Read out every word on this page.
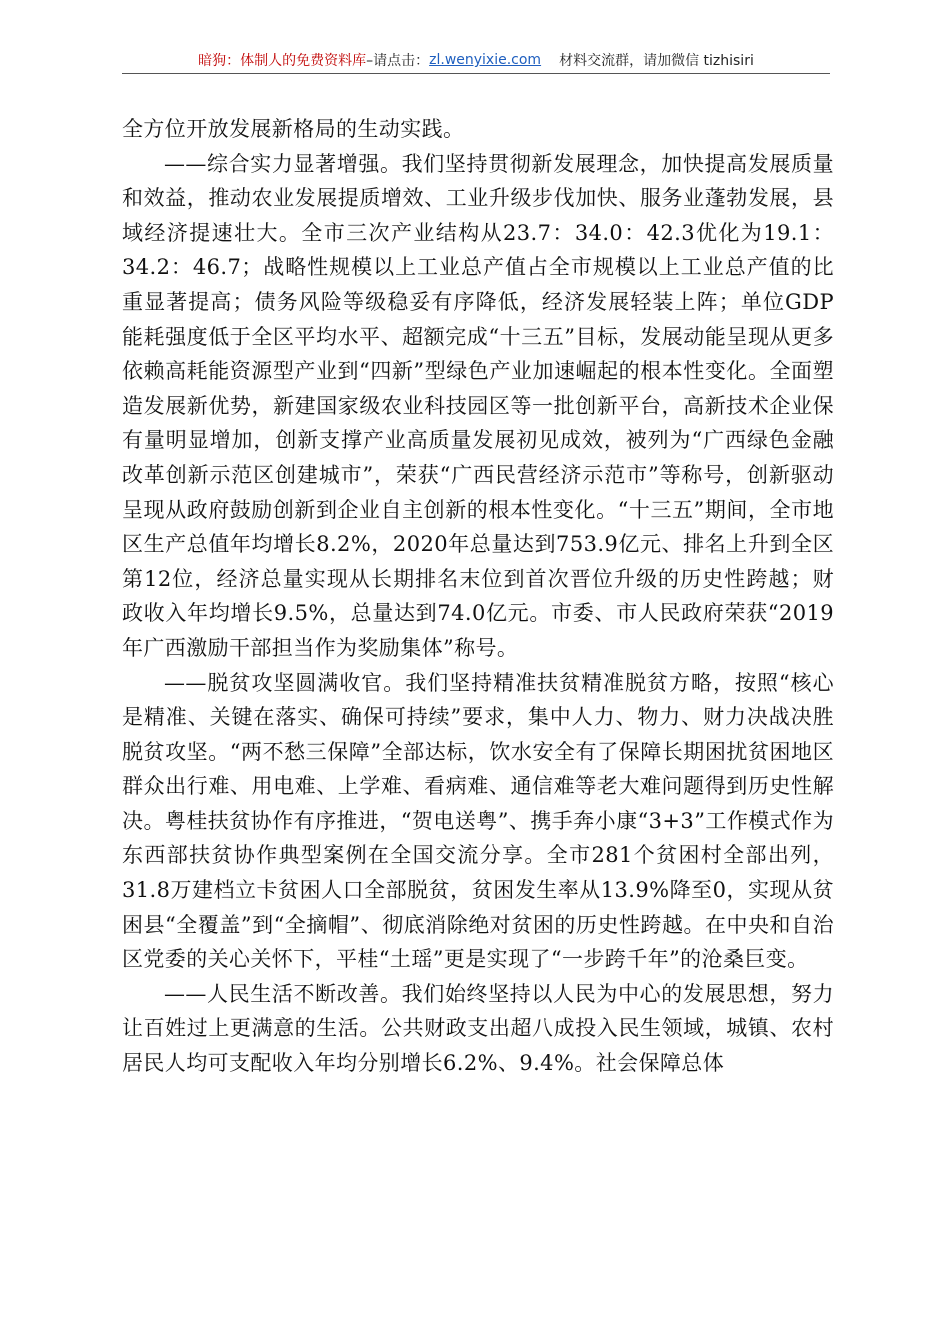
暗狗：体制人的免费资料库 –请点击： zl.wenyixie.com 材料交流群，请加微信 tizhisiri

全方位开放发展新格局的生动实践。

——综合实力显著增强。我们坚持贯彻新发展理念，加快提高发展质量和效益，推动农业发展提质增效、工业升级步伐加快、服务业蓬勃发展，县域经济提速壮大。全市三次产业结构从23.7：34.0：42.3优化为19.1：34.2：46.7；战略性规模以上工业总产值占全市规模以上工业总产值的比重显著提高；债务风险等级稳妥有序降低，经济发展轻装上阵；单位GDP能耗强度低于全区平均水平、超额完成“十三五”目标，发展动能呈现从更多依赖高耗能资源型产业到“四新”型绿色产业加速崛起的根本性变化。全面塑造发展新优势，新建国家级农业科技园区等一批创新平台，高新技术企业保有量明显增加，创新支撑产业高质量发展初见成效，被列为“广西绿色金融改革创新示范区创建城市”，荣获“广西民营经济示范市”等称号，创新驱动呈现从政府鼓励创新到企业自主创新的根本性变化。“十三五”期间，全市地区生产总值年均增长8.2%，2020年总量达到753.9亿元、排名上升到全区第12位，经济总量实现从长期排名末位到首次晋位升级的历史性跨越；财政收入年均增长9.5%，总量达到74.0亿元。市委、市人民政府荣获“2019年广西激励干部担当作为奖励集体”称号。

——脱贫攻坚圆满收官。我们坚持精准扶贫精准脱贫方略，按照“核心是精准、关键在落实、确保可持续”要求，集中人力、物力、财力决战决胜脱贫攻坚。“两不愁三保障”全部达标，饮水安全有了保障长期困扰贫困地区群众出行难、用电难、上学难、看病难、通信难等老大难问题得到历史性解决。粤桂扶贫协作有序推进，“贺电送粤”、携手奔小康“3+3”工作模式作为东西部扶贫协作典型案例在全国交流分享。全市281个贫困村全部出列，31.8万建档立卡贫困人口全部脱贫，贫困发生率从13.9%降至0，实现从贫困县“全覆盖”到“全摘帽”、彻底消除绝对贫困的历史性跨越。在中央和自治区党委的关心关怀下，平桂“土瑶”更是实现了“一步跨千年”的沧桑巨变。

——人民生活不断改善。我们始终坚持以人民为中心的发展思想，努力让百姓过上更满意的生活。公共财政支出超八成投入民生领域，城镇、农村居民人均可支配收入年均分别增长6.2%、9.4%。社会保障总体
